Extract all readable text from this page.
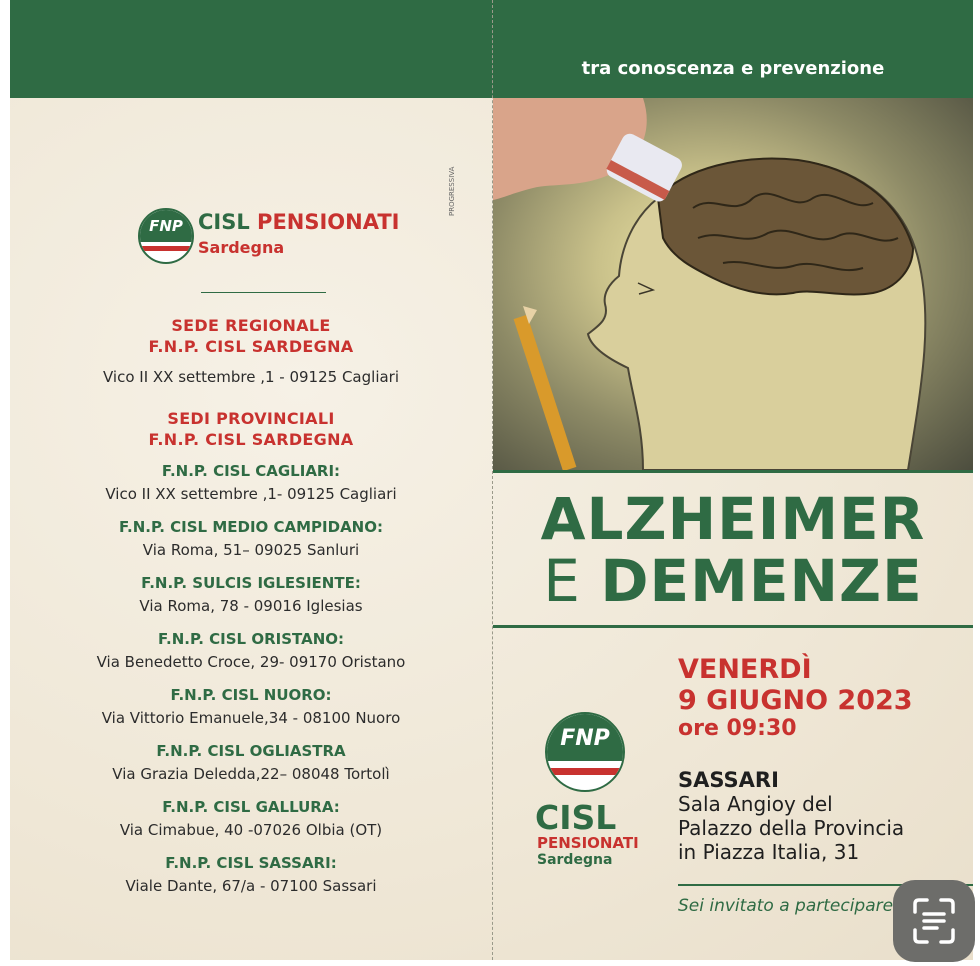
tra conoscenza e prevenzione
PROGRESSIVA
FNP CISL PENSIONATI
Sardegna
SEDE REGIONALE
F.N.P. CISL SARDEGNA
Vico II XX settembre ,1 - 09125 Cagliari
SEDI PROVINCIALI
F.N.P. CISL SARDEGNA
F.N.P. CISL CAGLIARI:
Vico II XX settembre ,1- 09125 Cagliari
F.N.P. CISL MEDIO CAMPIDANO:
Via Roma, 51– 09025 Sanluri
F.N.P. SULCIS IGLESIENTE:
Via Roma, 78 - 09016 Iglesias
F.N.P. CISL ORISTANO:
Via Benedetto Croce, 29- 09170 Oristano
F.N.P. CISL NUORO:
Via Vittorio Emanuele,34 - 08100 Nuoro
F.N.P. CISL OGLIASTRA
Via Grazia Deledda,22– 08048 Tortolì
F.N.P. CISL GALLURA:
Via Cimabue, 40 -07026 Olbia (OT)
F.N.P. CISL SASSARI:
Viale Dante, 67/a - 07100 Sassari
ALZHEIMER
E DEMENZE
FNP
CISL
PENSIONATI
Sardegna
VENERDÌ
9 GIUGNO 2023
ore 09:30
SASSARI
Sala Angioy del
Palazzo della Provincia
in Piazza Italia, 31
Sei invitato a partecipare
